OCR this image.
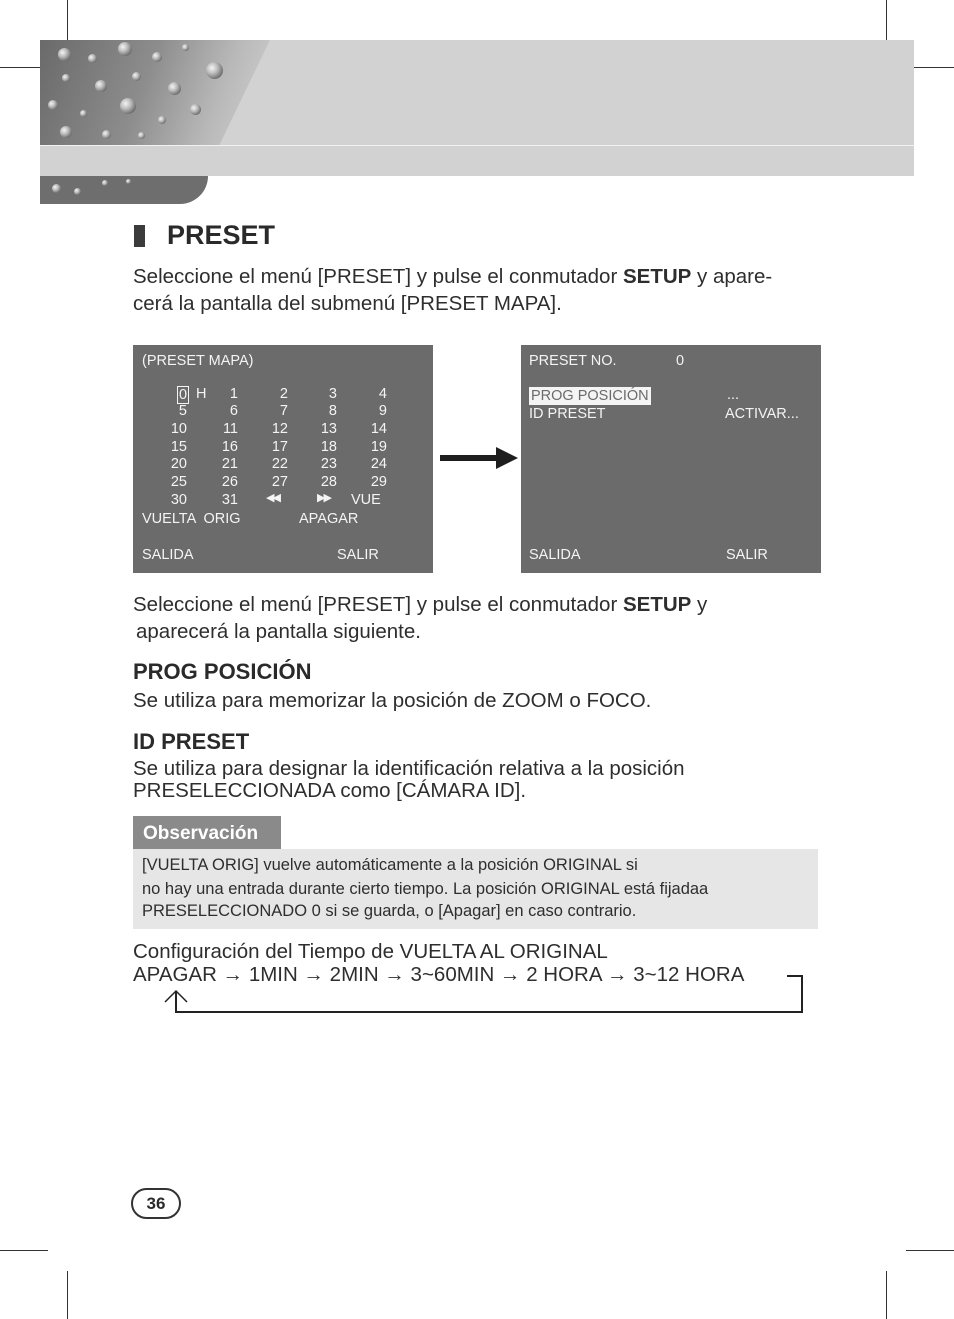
PRESET
Seleccione el menú [PRESET] y pulse el conmutador SETUP y apare-
cerá la pantalla del submenú [PRESET MAPA].
(PRESET MAPA)
0 H	1	2	3	4
5	6	7	8	9
10	11	12	13	14
15	16	17	18	19
20	21	22	23	24
25	26	27	28	29
30	31	◀◀	▶▶ VUE
VUELTA  ORIG	APAGAR
SALIDA	SALIR
PRESET NO.	0
PROG POSICIÓN	...
ID PRESET	ACTIVAR...
SALIDA	SALIR
Seleccione el menú [PRESET] y pulse el conmutador SETUP y
aparecerá la pantalla siguiente.
PROG POSICIÓN
Se utiliza para memorizar la posición de ZOOM o FOCO.
ID PRESET
Se utiliza para designar la identificación relativa a la posición
PRESELECCIONADA como [CÁMARA ID].
Observación
[VUELTA ORIG] vuelve automáticamente a la posición ORIGINAL si
no hay una entrada durante cierto tiempo. La posición ORIGINAL está fijadaa
PRESELECCIONADO 0 si se guarda, o [Apagar] en caso contrario.
Configuración del Tiempo de VUELTA AL ORIGINAL
APAGAR → 1MIN → 2MIN → 3~60MIN → 2 HORA → 3~12 HORA
36
